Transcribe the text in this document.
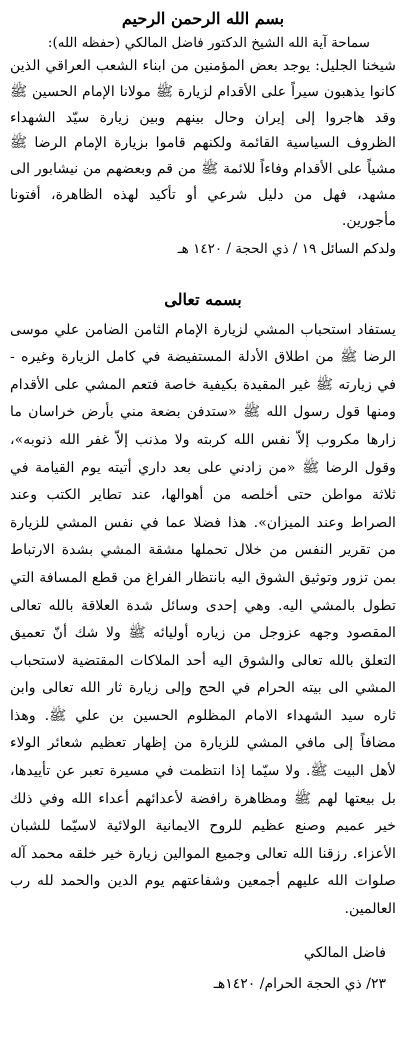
بسم الله الرحمن الرحيم
سماحة آية الله الشيخ الدكتور فاضل المالكي (حفظه الله):

شيخنا الجليل: يوجد بعض المؤمنين من ابناء الشعب العراقي الذين كانوا يذهبون سيراً على الأقدام لزيارة ﷺ مولانا الإمام الحسين ﷺ وقد هاجروا إلى إيران وحال بينهم وبين زيارة سيّد الشهداء الظروف السياسية القائمة ولكنهم قاموا بزيارة الإمام الرضا ﷺ مشياً على الأقدام وفاءاً للائمة ﷺ من قم وبعضهم من نيشابور الى مشهد، فهل من دليل شرعي أو تأكيد لهذه الظاهرة، أفتونا مأجورين.

ولدكم السائل ١٩ / ذي الحجة / ١٤٢٠ هـ
بسمه تعالى

يستفاد استحباب المشي لزيارة الإمام الثامن الضامن علي موسى الرضا ﷺ من اطلاق الأدلة المستفيضة في كامل الزيارة وغيره - في زيارته ﷺ غير المقيدة بكيفية خاصة فتعم المشي على الأقدام ومنها قول رسول الله ﷺ «ستدفن بضعة مني بأرض خراسان ما زارها مكروب إلاّ نفس الله كربته ولا مذنب إلاّ غفر الله ذنوبه»، وقول الرضا ﷺ «من زادني على بعد داري أتيته يوم القيامة في ثلاثة مواطن حتى أخلصه من أهوالها، عند تطاير الكتب وعند الصراط وعند الميزان». هذا فضلا عما في نفس المشي للزيارة من تقرير النفس من خلال تحملها مشقة المشي بشدة الارتباط بمن تزور وتوثيق الشوق اليه بانتظار الفراغ من قطع المسافة التي تطول بالمشي اليه. وهي إحدى وسائل شدة العلاقة بالله تعالى المقصود وجهه عزوجل من زياره أوليائه ﷺ ولا شك أنّ تعميق التعلق بالله تعالى والشوق اليه أحد الملاكات المقتضية لاستحباب المشي الى بيته الحرام في الحج وإلى زيارة ثار الله تعالى وابن ثاره سيد الشهداء الامام المظلوم الحسين بن علي ﷺ. وهذا مضافاً إلى مافي المشي للزيارة من إظهار تعظيم شعائر الولاء لأهل البيت ﷺ. ولا سيّما إذا انتظمت في مسيرة تعبر عن تأييدها، بل بيعتها لهم ﷺ ومظاهرة رافضة لأعدائهم أعداء الله وفي ذلك خير عميم وصنع عظيم للروح الايمانية الولائية لاسيّما للشبان الأعزاء. رزقنا الله تعالى وجميع الموالين زيارة خير خلقه محمد آله صلوات الله عليهم أجمعين وشفاعتهم يوم الدين والحمد لله رب العالمين.

فاضل المالكي
٢٣/ ذي الحجة الحرام/ ١٤٢٠هـ
